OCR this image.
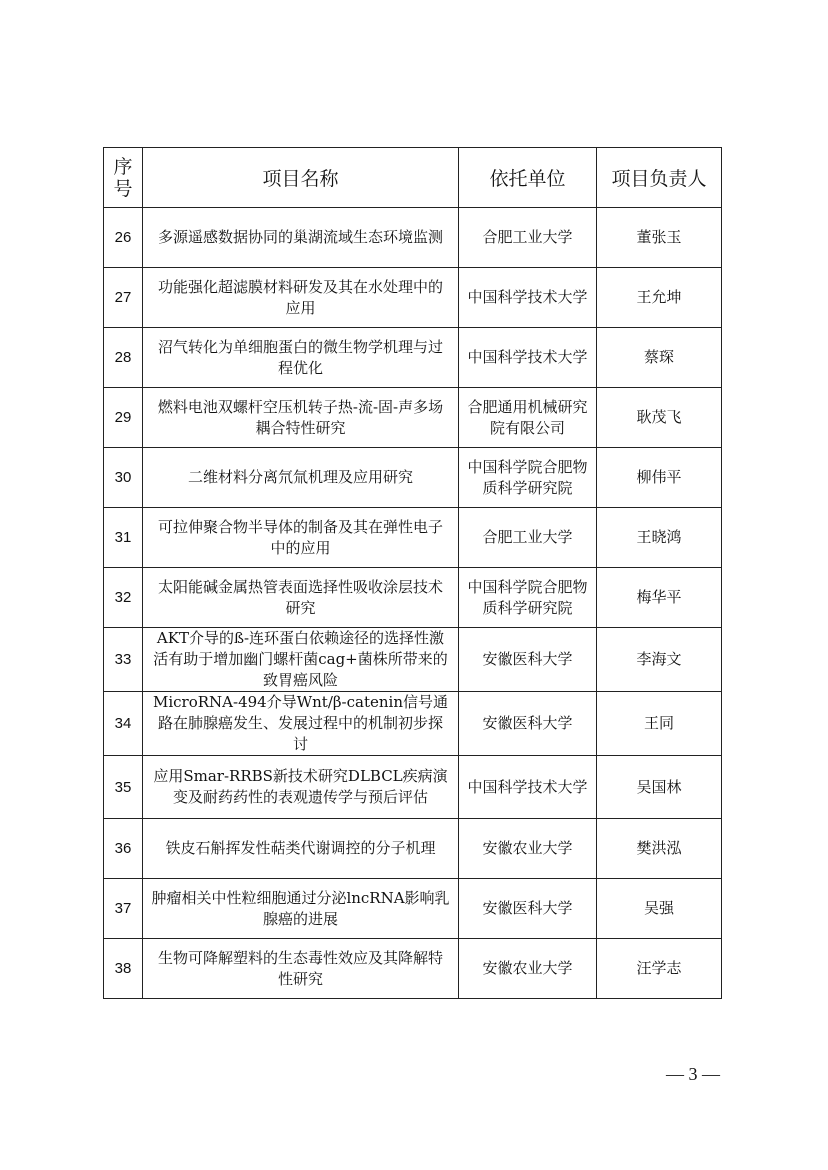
序号	项目名称	依托单位	项目负责人
26	多源遥感数据协同的巢湖流域生态环境监测	合肥工业大学	董张玉
27	功能强化超滤膜材料研发及其在水处理中的应用	中国科学技术大学	王允坤
28	沼气转化为单细胞蛋白的微生物学机理与过程优化	中国科学技术大学	蔡琛
29	燃料电池双螺杆空压机转子热-流-固-声多场耦合特性研究	合肥通用机械研究院有限公司	耿茂飞
30	二维材料分离氘氚机理及应用研究	中国科学院合肥物质科学研究院	柳伟平
31	可拉伸聚合物半导体的制备及其在弹性电子中的应用	合肥工业大学	王晓鸿
32	太阳能碱金属热管表面选择性吸收涂层技术研究	中国科学院合肥物质科学研究院	梅华平
33	AKT介导的ß-连环蛋白依赖途径的选择性激活有助于增加幽门螺杆菌cag+菌株所带来的致胃癌风险	安徽医科大学	李海文
34	MicroRNA-494介导Wnt/β-catenin信号通路在肺腺癌发生、发展过程中的机制初步探讨	安徽医科大学	王同
35	应用Smar-RRBS新技术研究DLBCL疾病演变及耐药药性的表观遗传学与预后评估	中国科学技术大学	吴国林
36	铁皮石斛挥发性萜类代谢调控的分子机理	安徽农业大学	樊洪泓
37	肿瘤相关中性粒细胞通过分泌lncRNA影响乳腺癌的进展	安徽医科大学	吴强
38	生物可降解塑料的生态毒性效应及其降解特性研究	安徽农业大学	汪学志
— 3 —
